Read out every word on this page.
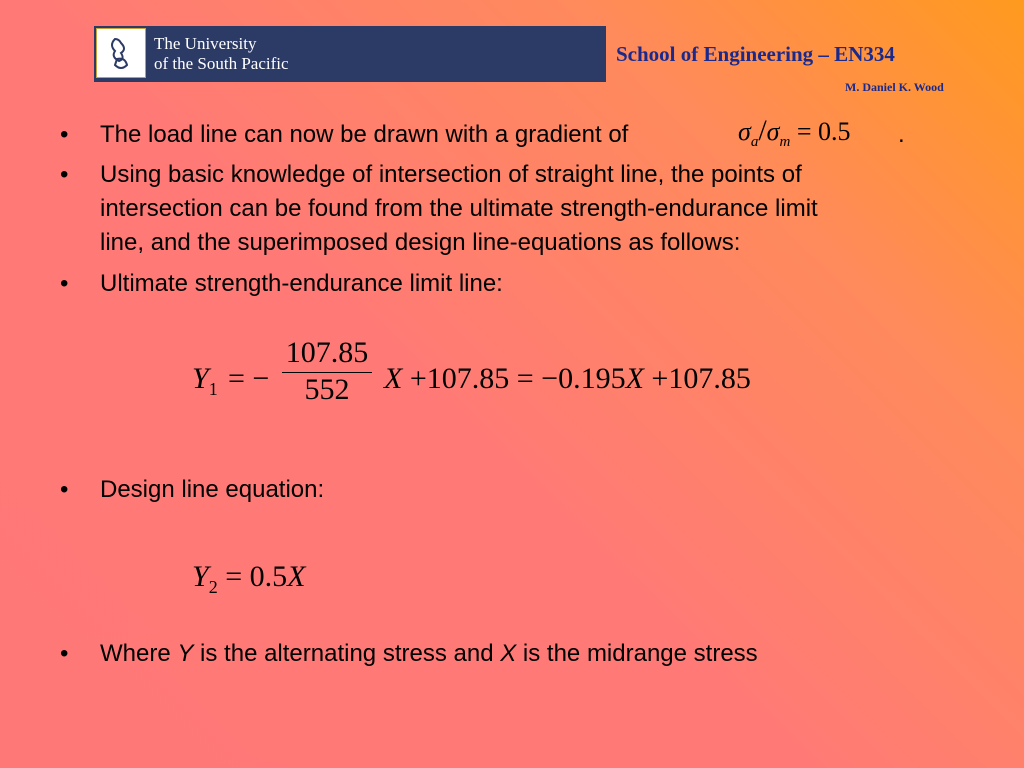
The University
of the South Pacific	School of Engineering – EN334
M. Daniel K. Wood
• The load line can now be drawn with a gradient of	$\sigma_a/\sigma_m = 0.5$ .
• Using basic knowledge of intersection of straight line, the points of
intersection can be found from the ultimate strength-endurance limit
line, and the superimposed design line-equations as follows:
• Ultimate strength-endurance limit line:
$Y_1$ = −
107.85
552	X +107.85 = −0.195X +107.85
• Design line equation:
$Y_2 = 0.5X$
• Where Y is the alternating stress and X is the midrange stress
